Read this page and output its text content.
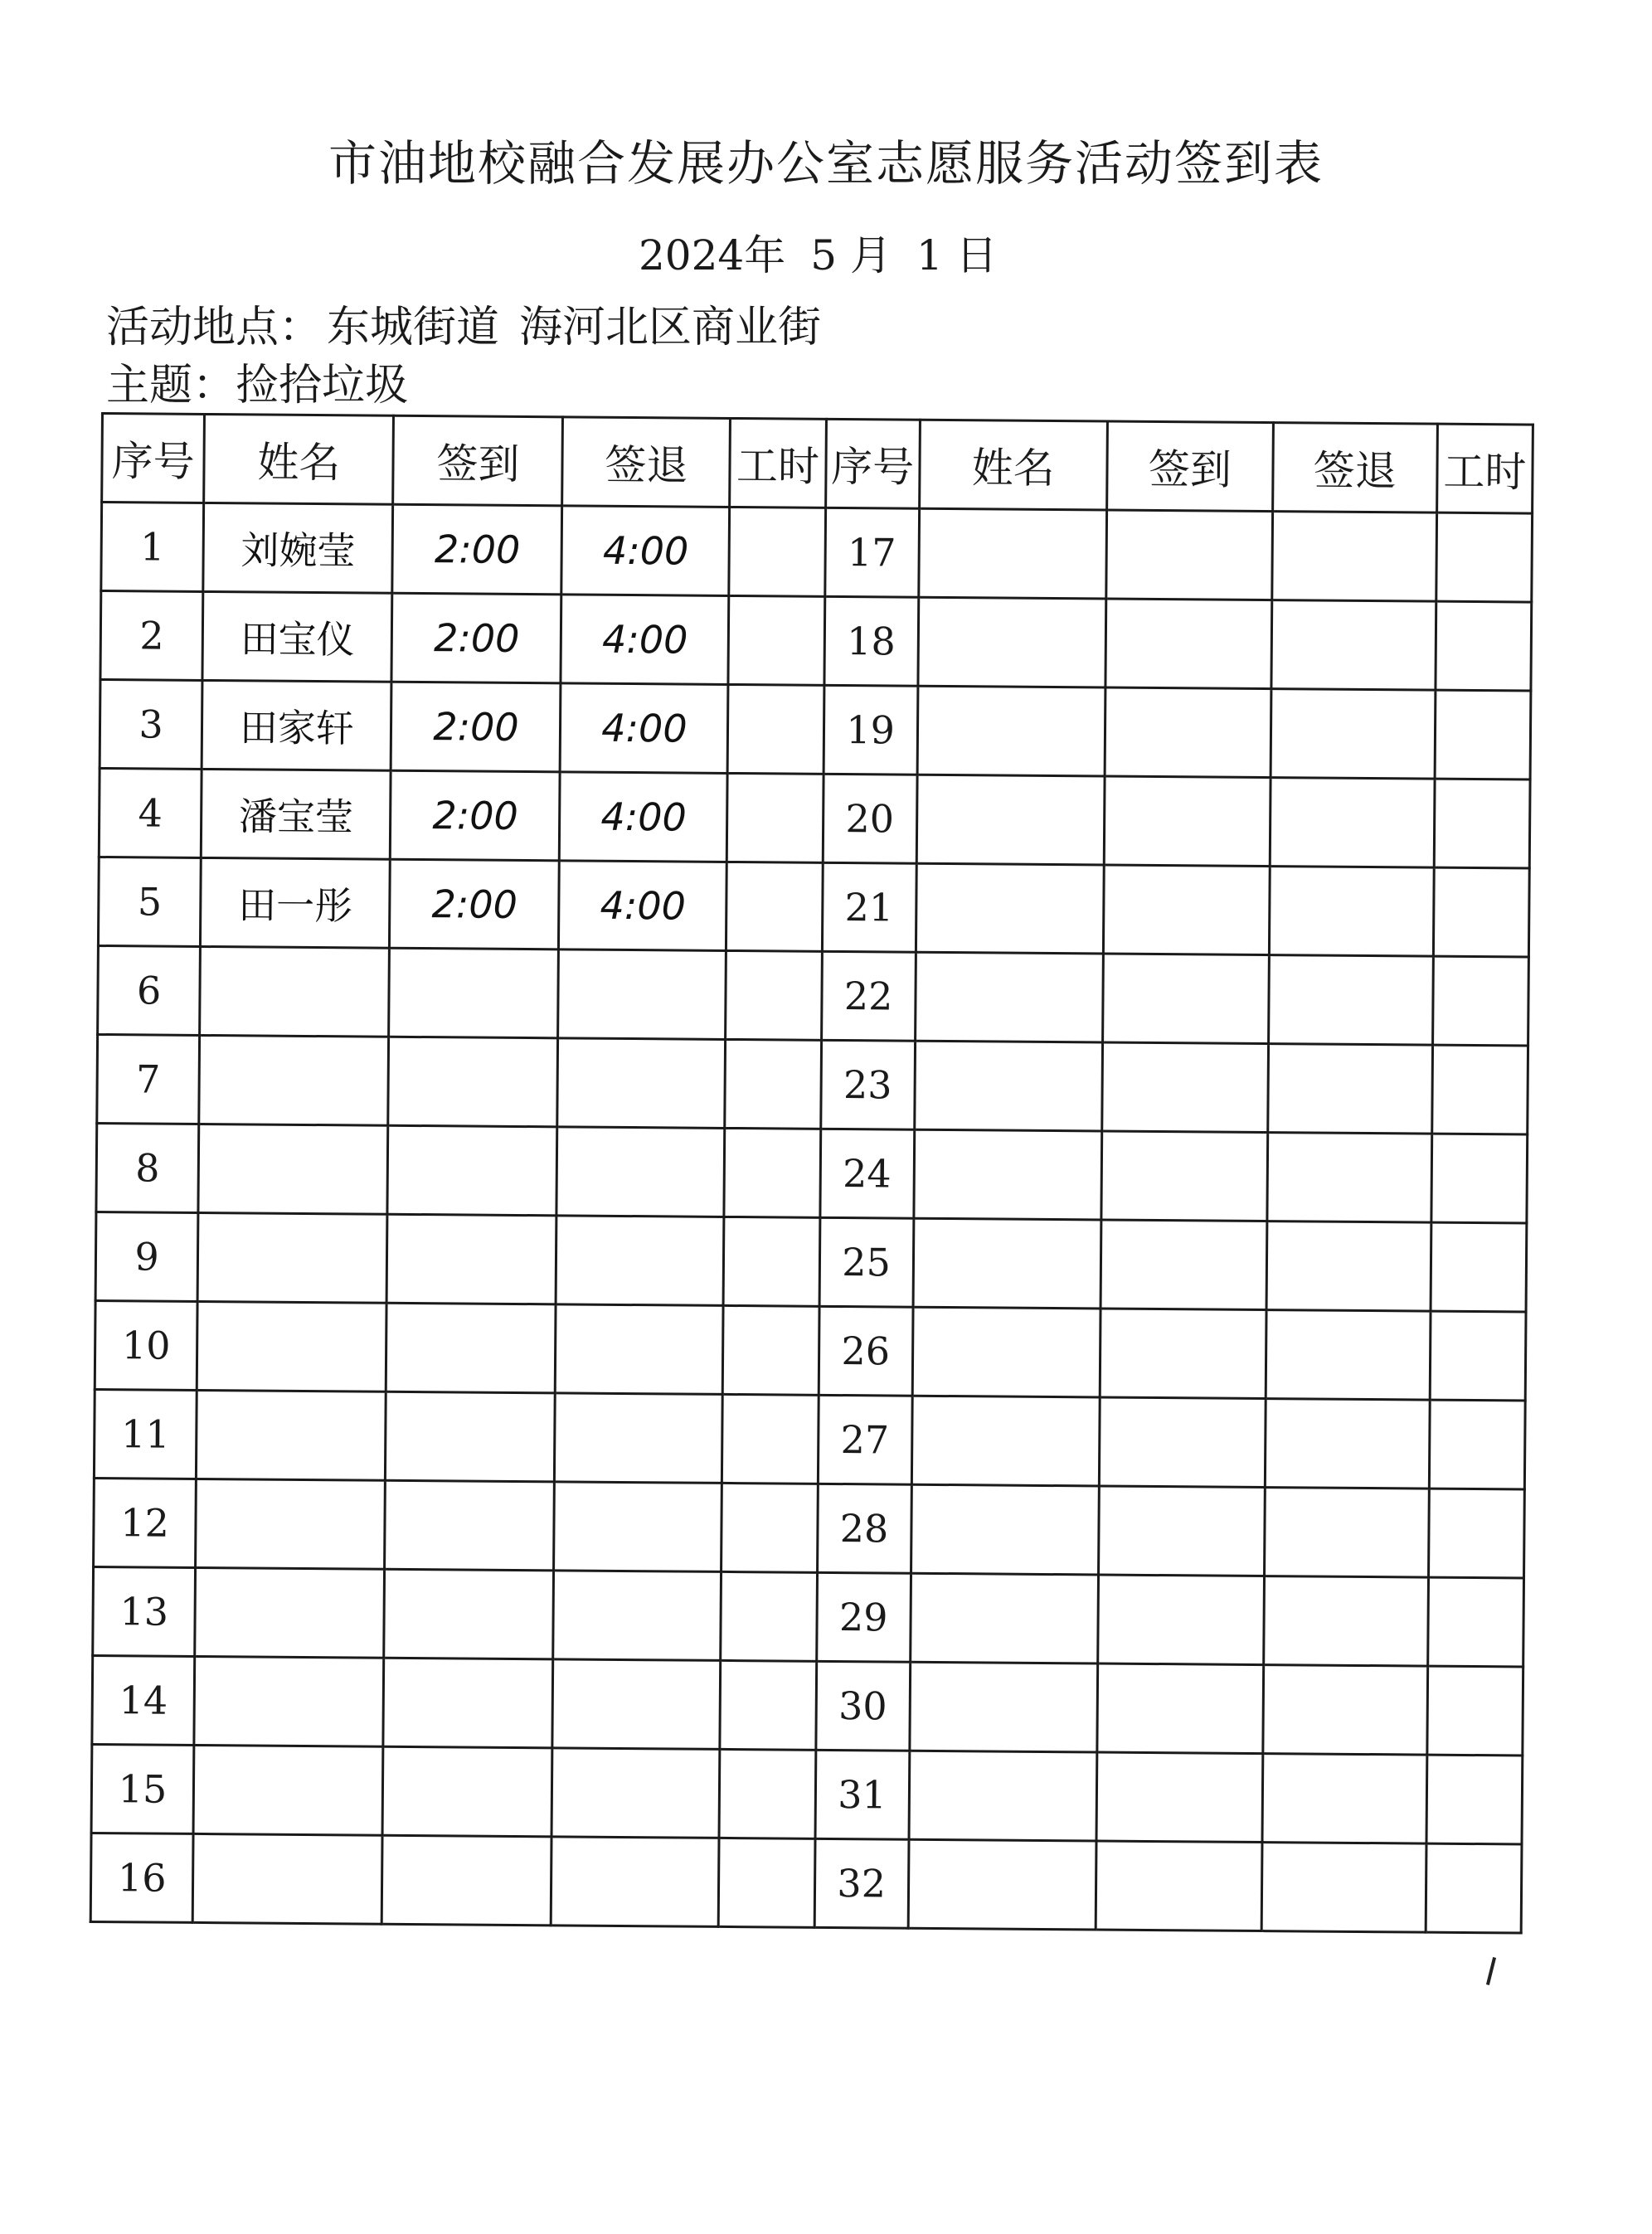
市油地校融合发展办公室志愿服务活动签到表
2024年 5 月 1 日
活动地点： 东城街道 海河北区商业街
主题：捡拾垃圾
序号	姓名	签到	签退	工时	序号	姓名	签到	签退	工时
1	刘婉莹	2:00	4:00		17				
2	田宝仪	2:00	4:00		18				
3	田家轩	2:00	4:00		19				
4	潘宝莹	2:00	4:00		20				
5	田一彤	2:00	4:00		21				
6					22				
7					23				
8					24				
9					25				
10					26				
11					27				
12					28				
13					29				
14					30				
15					31				
16					32				
